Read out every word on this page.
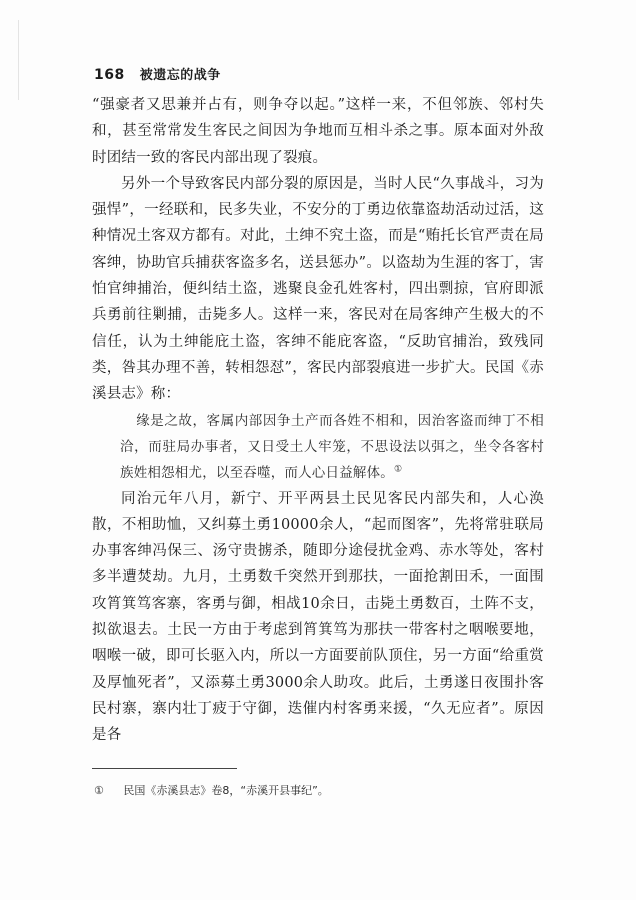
168 被遗忘的战争

“强豪者又思兼并占有，则争夺以起。”这样一来，不但邻族、邻村失和，甚至常常发生客民之间因为争地而互相斗杀之事。原本面对外敌时团结一致的客民内部出现了裂痕。

另外一个导致客民内部分裂的原因是，当时人民“久事战斗，习为强悍”，一经联和，民多失业，不安分的丁勇边依靠盗劫活动过活，这种情况土客双方都有。对此，土绅不究土盗，而是“贿托长官严责在局客绅，协助官兵捕获客盗多名，送县惩办”。以盗劫为生涯的客丁，害怕官绅捕治，便纠结土盗，逃聚良金孔姓客村，四出剽掠，官府即派兵勇前往剿捕，击毙多人。这样一来，客民对在局客绅产生极大的不信任，认为土绅能庇土盗，客绅不能庇客盗，“反助官捕治，致残同类，咎其办理不善，转相怨怼”，客民内部裂痕进一步扩大。民国《赤溪县志》称：

缘是之故，客属内部因争土产而各姓不相和，因治客盗而绅丁不相洽，而驻局办事者，又日受土人牢笼，不思设法以弭之，坐令各客村族姓相怨相尤，以至吞噬，而人心日益解体。①

同治元年八月，新宁、开平两县土民见客民内部失和，人心涣散，不相助恤，又纠募土勇10000余人，“起而图客”，先将常驻联局办事客绅冯保三、汤守贵掳杀，随即分途侵扰金鸡、赤水等处，客村多半遭焚劫。九月，土勇数千突然开到那扶，一面抢割田禾，一面围攻筲箕笃客寨，客勇与御，相战10余日，击毙土勇数百，土阵不支，拟欲退去。土民一方由于考虑到筲箕笃为那扶一带客村之咽喉要地，咽喉一破，即可长驱入内，所以一方面要前队顶住，另一方面“给重赏及厚恤死者”，又添募土勇3000余人助攻。此后，土勇遂日夜围扑客民村寨，寨内壮丁疲于守御，迭催内村客勇来援，“久无应者”。原因是各

① 民国《赤溪县志》卷8，“赤溪开县事纪”。
